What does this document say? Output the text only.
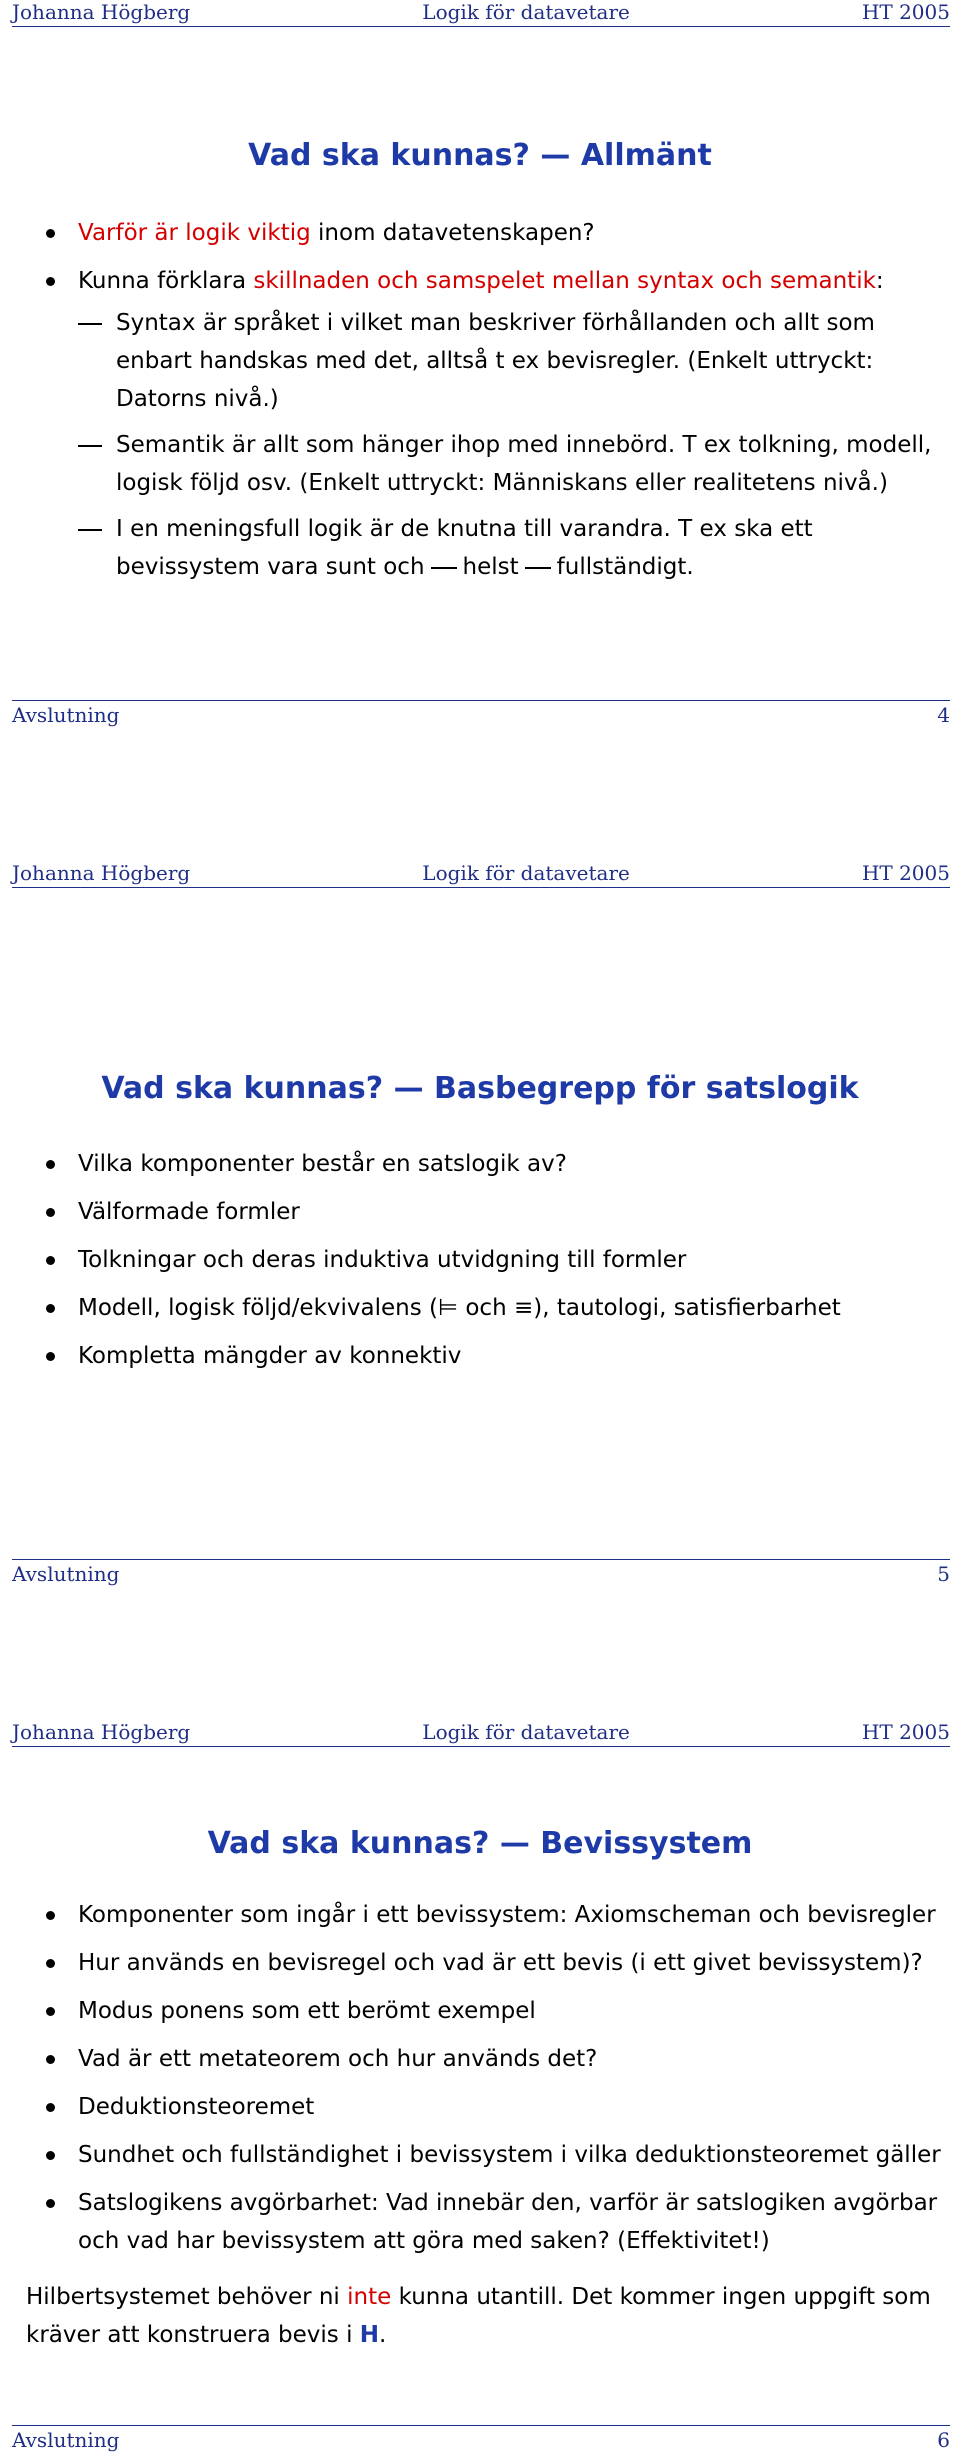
Johanna Högberg	Logik för datavetare	HT 2005
Vad ska kunnas? — Allmänt
Varför är logik viktig inom datavetenskapen?
Kunna förklara skillnaden och samspelet mellan syntax och semantik:
Syntax är språket i vilket man beskriver förhållanden och allt som enbart handskas med det, alltså t ex bevisregler. (Enkelt uttryckt: Datorns nivå.)
Semantik är allt som hänger ihop med innebörd. T ex tolkning, modell, logisk följd osv. (Enkelt uttryckt: Människans eller realitetens nivå.)
I en meningsfull logik är de knutna till varandra. T ex ska ett bevissystem vara sunt och helst fullständigt.
Avslutning	4
Johanna Högberg	Logik för datavetare	HT 2005
Vad ska kunnas? — Basbegrepp för satslogik
Vilka komponenter består en satslogik av?
Välformade formler
Tolkningar och deras induktiva utvidgning till formler
Modell, logisk följd/ekvivalens (⊨ och ≡), tautologi, satisfierbarhet
Kompletta mängder av konnektiv
Avslutning	5
Johanna Högberg	Logik för datavetare	HT 2005
Vad ska kunnas? — Bevissystem
Komponenter som ingår i ett bevissystem: Axiomscheman och bevisregler
Hur används en bevisregel och vad är ett bevis (i ett givet bevissystem)?
Modus ponens som ett berömt exempel
Vad är ett metateorem och hur används det?
Deduktionsteoremet
Sundhet och fullständighet i bevissystem i vilka deduktionsteoremet gäller
Satslogikens avgörbarhet: Vad innebär den, varför är satslogiken avgörbar och vad har bevissystem att göra med saken? (Effektivitet!)
Hilbertsystemet behöver ni inte kunna utantill. Det kommer ingen uppgift som kräver att konstruera bevis i H.
Avslutning	6
